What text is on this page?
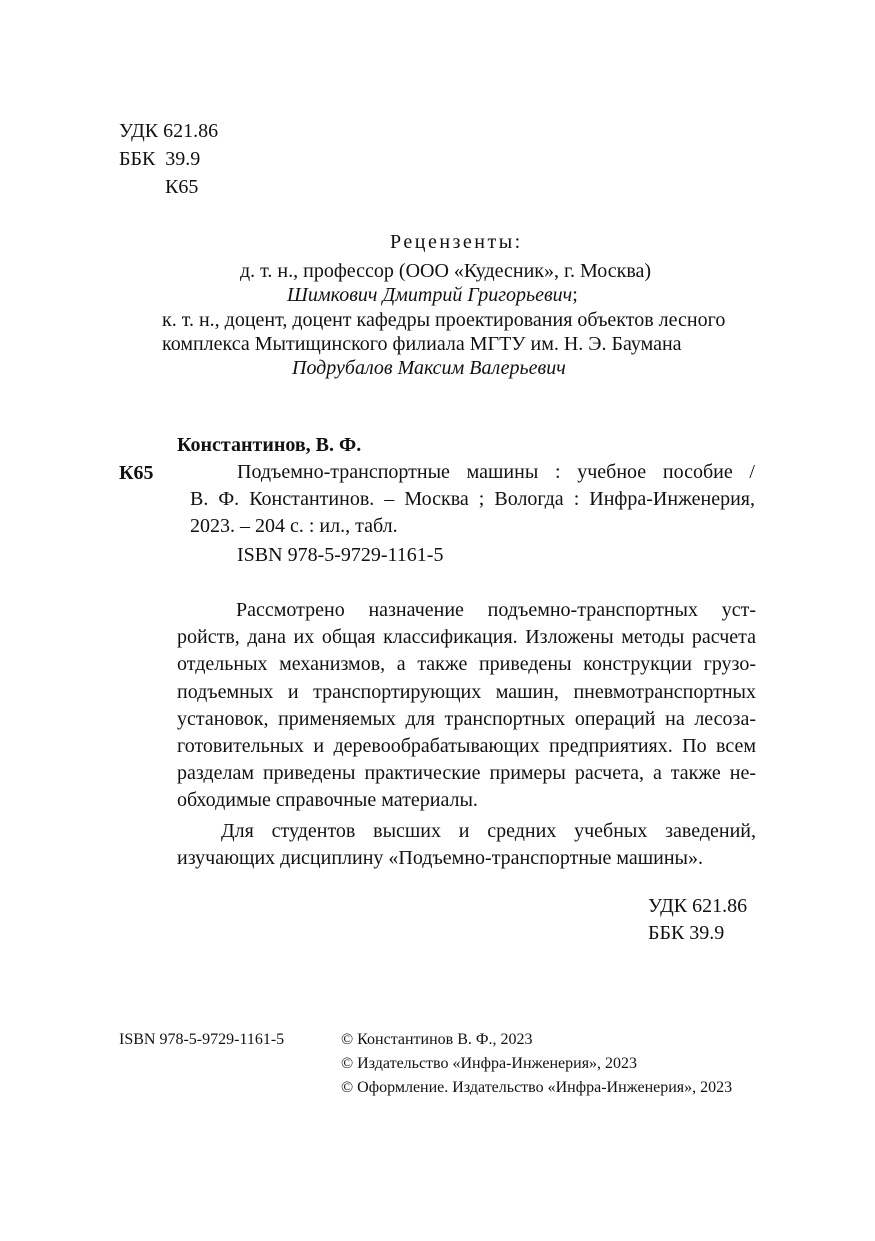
УДК 621.86
ББК  39.9
К65
Рецензенты:
д. т. н., профессор (ООО «Кудесник», г. Москва)
Шимкович Дмитрий Григорьевич;
к. т. н., доцент, доцент кафедры проектирования объектов лесного
комплекса Мытищинского филиала МГТУ им. Н. Э. Баумана
Подрубалов Максим Валерьевич
Константинов, В. Ф.
К65	Подъемно-транспортные машины : учебное пособие /
В. Ф. Константинов. – Москва ; Вологда : Инфра-Инженерия,
2023. – 204 с. : ил., табл.
ISBN 978-5-9729-1161-5
Рассмотрено назначение подъемно-транспортных уст-
ройств, дана их общая классификация. Изложены методы расчета
отдельных механизмов, а также приведены конструкции грузо-
подъемных и транспортирующих машин, пневмотранспортных
установок, применяемых для транспортных операций на лесоза-
готовительных и деревообрабатывающих предприятиях. По всем
разделам приведены практические примеры расчета, а также не-
обходимые справочные материалы.
Для студентов высших и средних учебных заведений,
изучающих дисциплину «Подъемно-транспортные машины».
УДК 621.86
ББК 39.9
ISBN 978-5-9729-1161-5	© Константинов В. Ф., 2023
© Издательство «Инфра-Инженерия», 2023
© Оформление. Издательство «Инфра-Инженерия», 2023
